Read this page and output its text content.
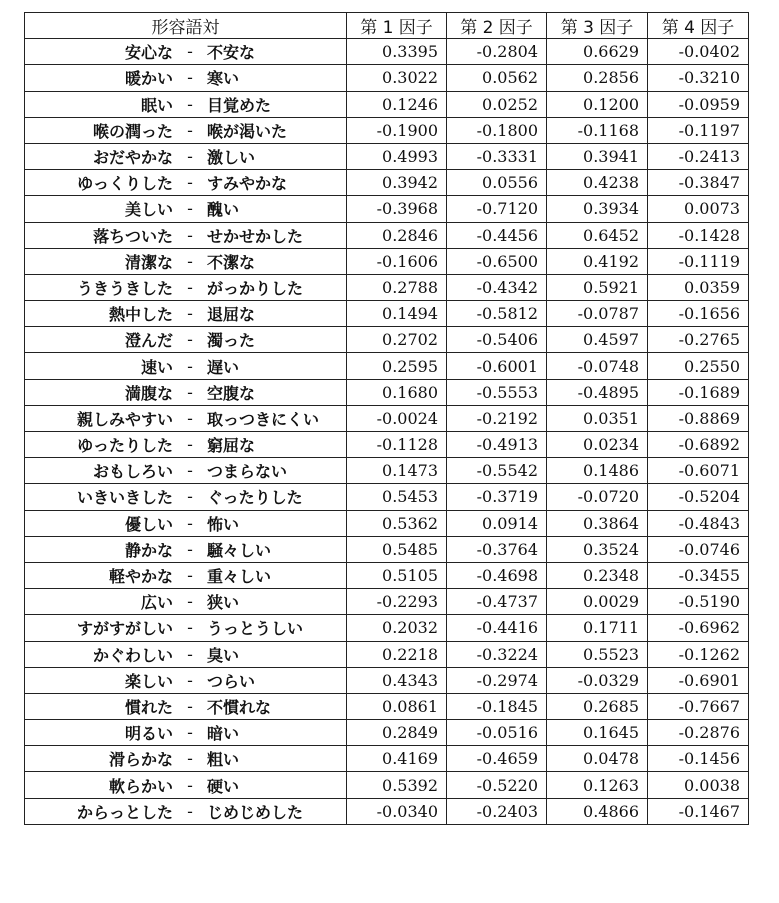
形容語対	第 1 因子	第 2 因子	第 3 因子	第 4 因子

安心な - 不安な	0.3395	-0.2804	0.6629	-0.0402

暖かい - 寒い	0.3022	0.0562	0.2856	-0.3210

眠い - 目覚めた	0.1246	0.0252	0.1200	-0.0959

喉の潤った - 喉が渇いた	-0.1900	-0.1800	-0.1168	-0.1197

おだやかな - 激しい	0.4993	-0.3331	0.3941	-0.2413

ゆっくりした - すみやかな	0.3942	0.0556	0.4238	-0.3847

美しい - 醜い	-0.3968	-0.7120	0.3934	0.0073

落ちついた - せかせかした	0.2846	-0.4456	0.6452	-0.1428

清潔な - 不潔な	-0.1606	-0.6500	0.4192	-0.1119

うきうきした - がっかりした	0.2788	-0.4342	0.5921	0.0359

熱中した - 退屈な	0.1494	-0.5812	-0.0787	-0.1656

澄んだ - 濁った	0.2702	-0.5406	0.4597	-0.2765

速い - 遅い	0.2595	-0.6001	-0.0748	0.2550

満腹な - 空腹な	0.1680	-0.5553	-0.4895	-0.1689

親しみやすい - 取っつきにくい	-0.0024	-0.2192	0.0351	-0.8869

ゆったりした - 窮屈な	-0.1128	-0.4913	0.0234	-0.6892

おもしろい - つまらない	0.1473	-0.5542	0.1486	-0.6071

いきいきした - ぐったりした	0.5453	-0.3719	-0.0720	-0.5204

優しい - 怖い	0.5362	0.0914	0.3864	-0.4843

静かな - 騒々しい	0.5485	-0.3764	0.3524	-0.0746

軽やかな - 重々しい	0.5105	-0.4698	0.2348	-0.3455

広い - 狭い	-0.2293	-0.4737	0.0029	-0.5190

すがすがしい - うっとうしい	0.2032	-0.4416	0.1711	-0.6962

かぐわしい - 臭い	0.2218	-0.3224	0.5523	-0.1262

楽しい - つらい	0.4343	-0.2974	-0.0329	-0.6901

慣れた - 不慣れな	0.0861	-0.1845	0.2685	-0.7667

明るい - 暗い	0.2849	-0.0516	0.1645	-0.2876

滑らかな - 粗い	0.4169	-0.4659	0.0478	-0.1456

軟らかい - 硬い	0.5392	-0.5220	0.1263	0.0038

からっとした - じめじめした	-0.0340	-0.2403	0.4866	-0.1467
